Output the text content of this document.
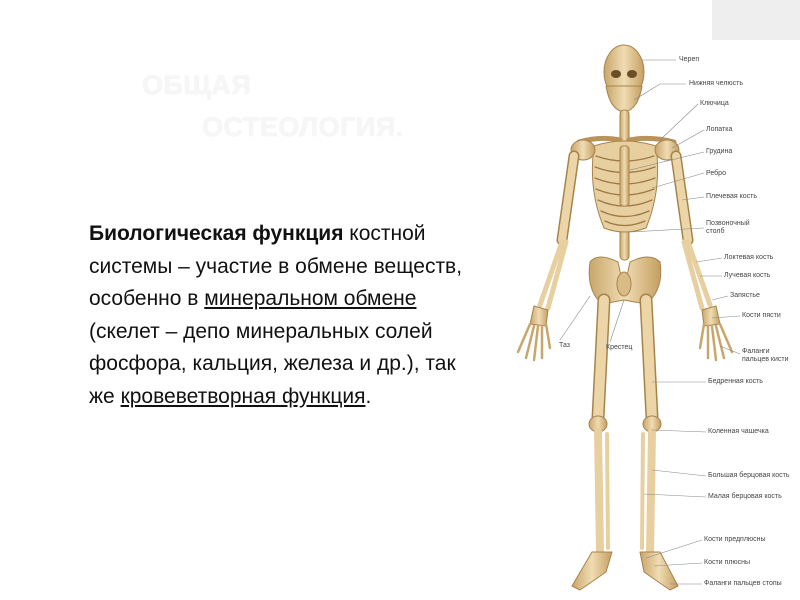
ОБЩАЯ
ОСТЕОЛОГИЯ.
Биологическая функция костной системы – участие в обмене веществ, особенно в минеральном обмене (скелет – депо минеральных солей фосфора, кальция, железа и др.), так же кровеветворная функция.
Череп
Нижняя челюсть
Ключица
Лопатка
Грудина
Ребро
Плечевая кость
Позвоночный столб
Локтевая кость
Лучевая кость
Запястье
Кости пясти
Фаланги пальцев кисти
Таз	Крестец
Бедренная кость
Коленная чашечка
Большая берцовая кость
Малая берцовая кость
Кости предплюсны
Кости плюсны
Фаланги пальцев стопы
